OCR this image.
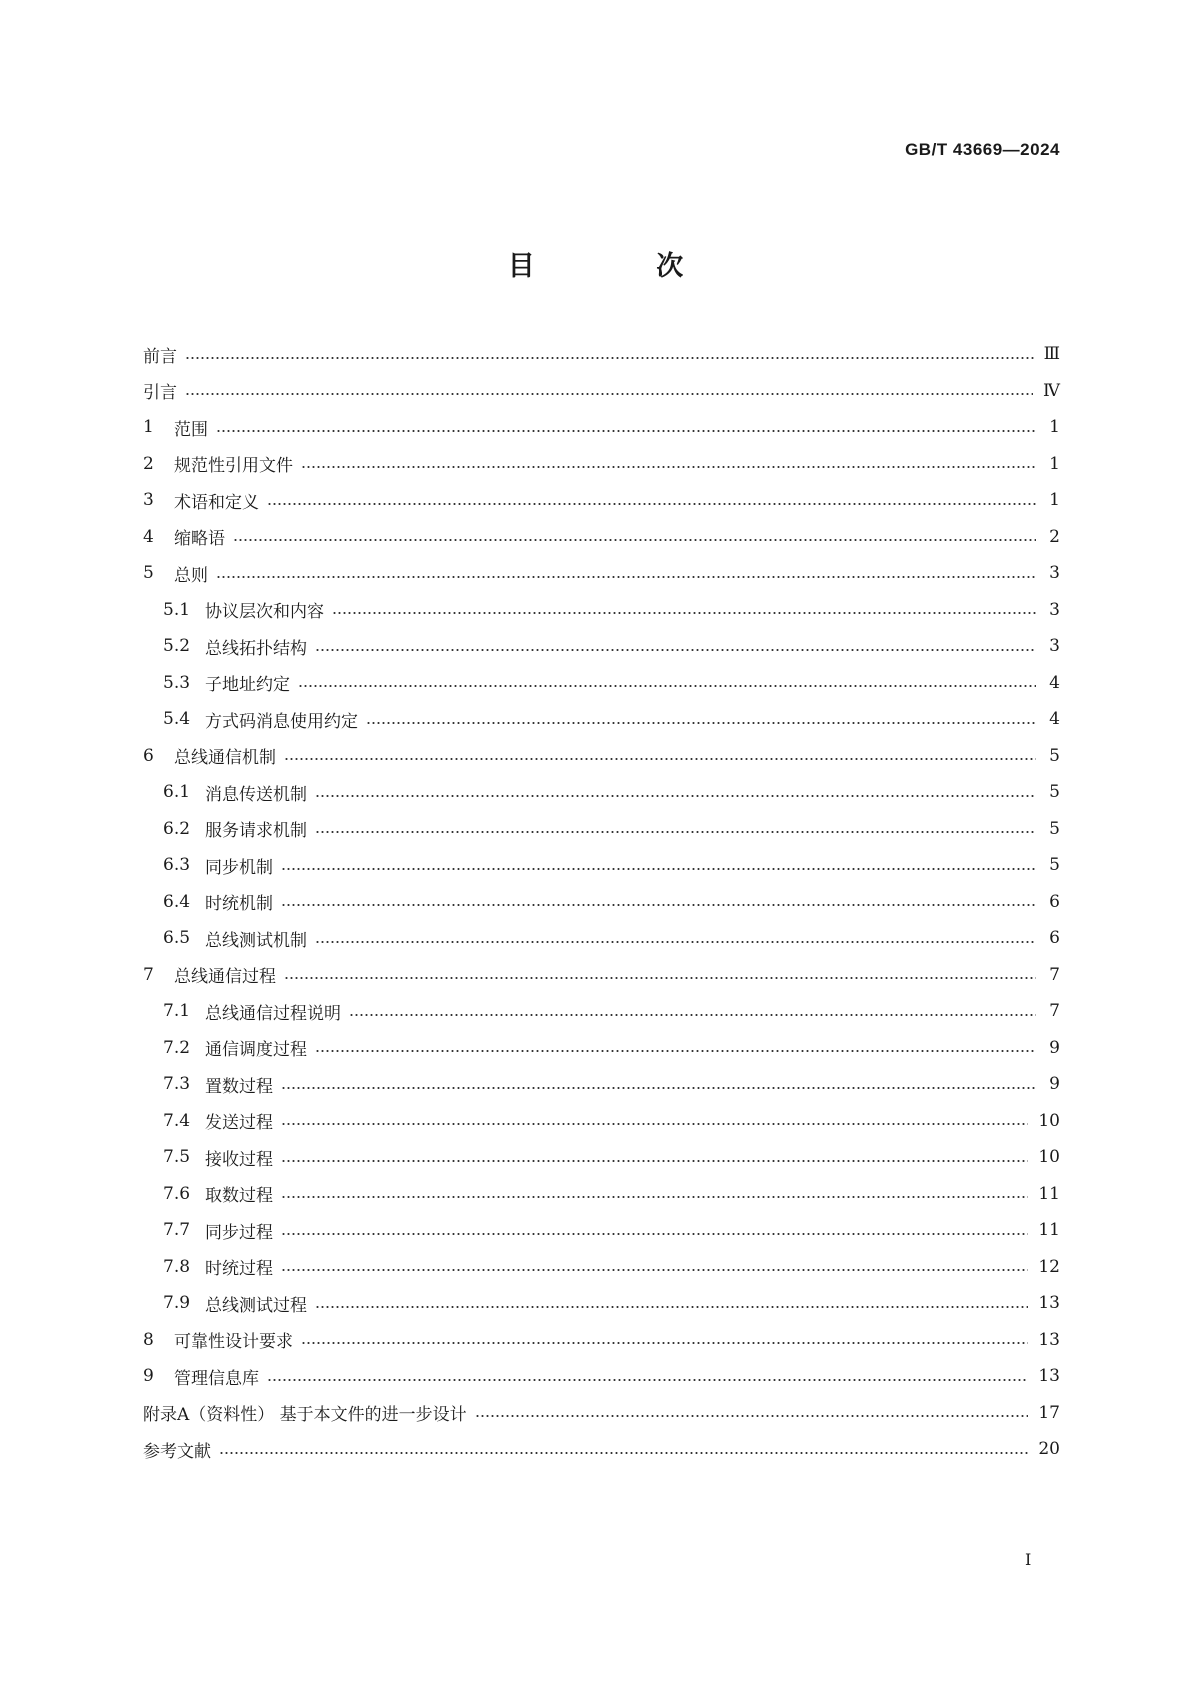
GB/T 43669—2024
目 次
前言	Ⅲ
引言	Ⅳ
1	范围	1
2	规范性引用文件	1
3	术语和定义	1
4	缩略语	2
5	总则	3
5.1 协议层次和内容	3
5.2 总线拓扑结构	3
5.3 子地址约定	4
5.4 方式码消息使用约定	4
6	总线通信机制	5
6.1 消息传送机制	5
6.2 服务请求机制	5
6.3 同步机制	5
6.4 时统机制	6
6.5 总线测试机制	6
7	总线通信过程	7
7.1 总线通信过程说明	7
7.2 通信调度过程	9
7.3 置数过程	9
7.4 发送过程	10
7.5 接收过程	10
7.6 取数过程	11
7.7 同步过程	11
7.8 时统过程	12
7.9 总线测试过程	13
8	可靠性设计要求	13
9	管理信息库	13
附录A（资料性） 基于本文件的进一步设计	17
参考文献	20
I
